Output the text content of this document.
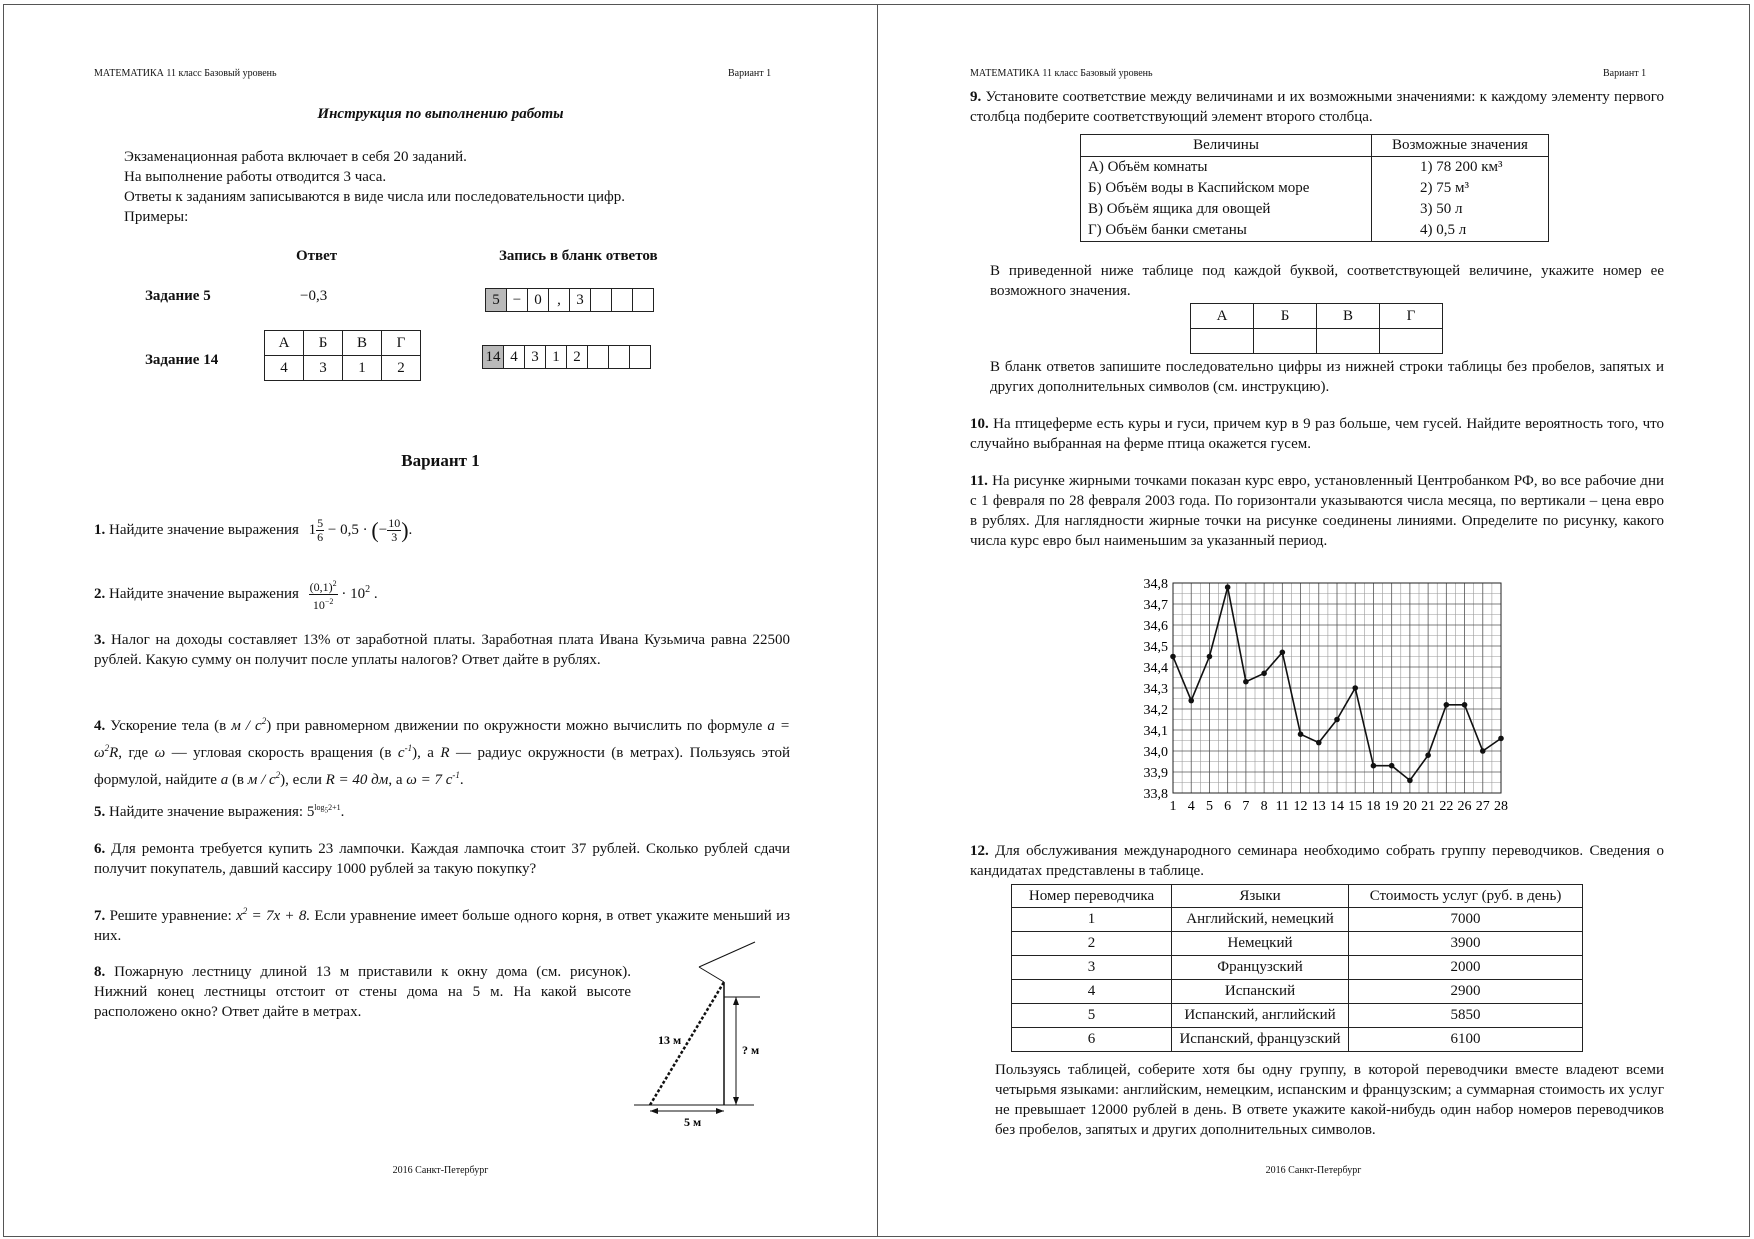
МАТЕМАТИКА 11 класс Базовый уровень	Вариант 1
Инструкция по выполнению работы
Экзаменационная работа включает в себя 20 заданий.
На выполнение работы отводится 3 часа.
Ответы к заданиям записываются в виде числа или последовательности цифр.
Примеры:
Ответ	Запись в бланк ответов
Задание 5	−0,3	5 − 0 , 3
Задание 14
А	Б	В	Г
4	3	1	2
14 4 3 1 2
Вариант 1
1. Найдите значение выражения $1 \frac{5}{6} - 0,5$ · (− $\frac{10}{3}$ ).
2. Найдите значение выражения $\frac{(0,1)^2}{10^{-2}} \cdot 10^2$ .
3. Налог на доходы составляет 13% от заработной платы. Заработная плата Ивана Кузьмича равна 22500 рублей. Какую сумму он получит после уплаты налогов? Ответ дайте в рублях.
4. Ускорение тела (в м / $с^2$) при равномерном движении по окружности можно вычислить по формуле $a = \omega^2R$, где ω — угловая скорость вращения (в $с^{-1}$), а R — радиус окружности (в метрах). Пользуясь этой формулой, найдите a (в м / $с^2$), если R = 40 дм, а ω = 7 $с^{-1}$.
5. Найдите значение выражения: $5^{log_52+1}$.
6. Для ремонта требуется купить 23 лампочки. Каждая лампочка стоит 37 рублей. Сколько рублей сдачи получит покупатель, давший кассиру 1000 рублей за такую покупку?
7. Решите уравнение: $x^2 = 7x + 8$. Если уравнение имеет больше одного корня, в ответ укажите меньший из них.
8. Пожарную лестницу длиной 13 м приставили к окну дома (см. рисунок). Нижний конец лестницы отстоит от стены дома на 5 м. На какой высоте расположено окно? Ответ дайте в метрах.
13 м
? м
5 м
2016 Санкт-Петербург
МАТЕМАТИКА 11 класс Базовый уровень	Вариант 1
9. Установите соответствие между величинами и их возможными значениями: к каждому элементу первого столбца подберите соответствующий элемент второго столбца.
Величины	Возможные значения
А) Объём комнаты	1) 78 200 км³
Б) Объём воды в Каспийском море	2) 75 м³
В) Объём ящика для овощей	3) 50 л
Г) Объём банки сметаны	4) 0,5 л
В приведенной ниже таблице под каждой буквой, соответствующей величине, укажите номер ее возможного значения.
А	Б	В	Г

В бланк ответов запишите последовательно цифры из нижней строки таблицы без пробелов, запятых и других дополнительных символов (см. инструкцию).
10. На птицеферме есть куры и гуси, причем кур в 9 раз больше, чем гусей. Найдите вероятность того, что случайно выбранная на ферме птица окажется гусем.
11. На рисунке жирными точками показан курс евро, установленный Центробанком РФ, во все рабочие дни с 1 февраля по 28 февраля 2003 года. По горизонтали указываются числа месяца, по вертикали – цена евро в рублях. Для наглядности жирные точки на рисунке соединены линиями. Определите по рисунку, какого числа курс евро был наименьшим за указанный период.
33,8
33,9
34,0
34,1
34,2
34,3
34,4
34,5
34,6
34,7
34,8
1 4 5 6 7 8 11 12 13 14 15 18 19 20 21 22 26 27 28
12. Для обслуживания международного семинара необходимо собрать группу переводчиков. Сведения о кандидатах представлены в таблице.
Номер переводчика	Языки	Стоимость услуг (руб. в день)
1	Английский, немецкий	7000
2	Немецкий	3900
3	Французский	2000
4	Испанский	2900
5	Испанский, английский	5850
6	Испанский, французский	6100
Пользуясь таблицей, соберите хотя бы одну группу, в которой переводчики вместе владеют всеми четырьмя языками: английским, немецким, испанским и французским; а суммарная стоимость их услуг не превышает 12000 рублей в день. В ответе укажите какой-нибудь один набор номеров переводчиков без пробелов, запятых и других дополнительных символов.
2016 Санкт-Петербург
